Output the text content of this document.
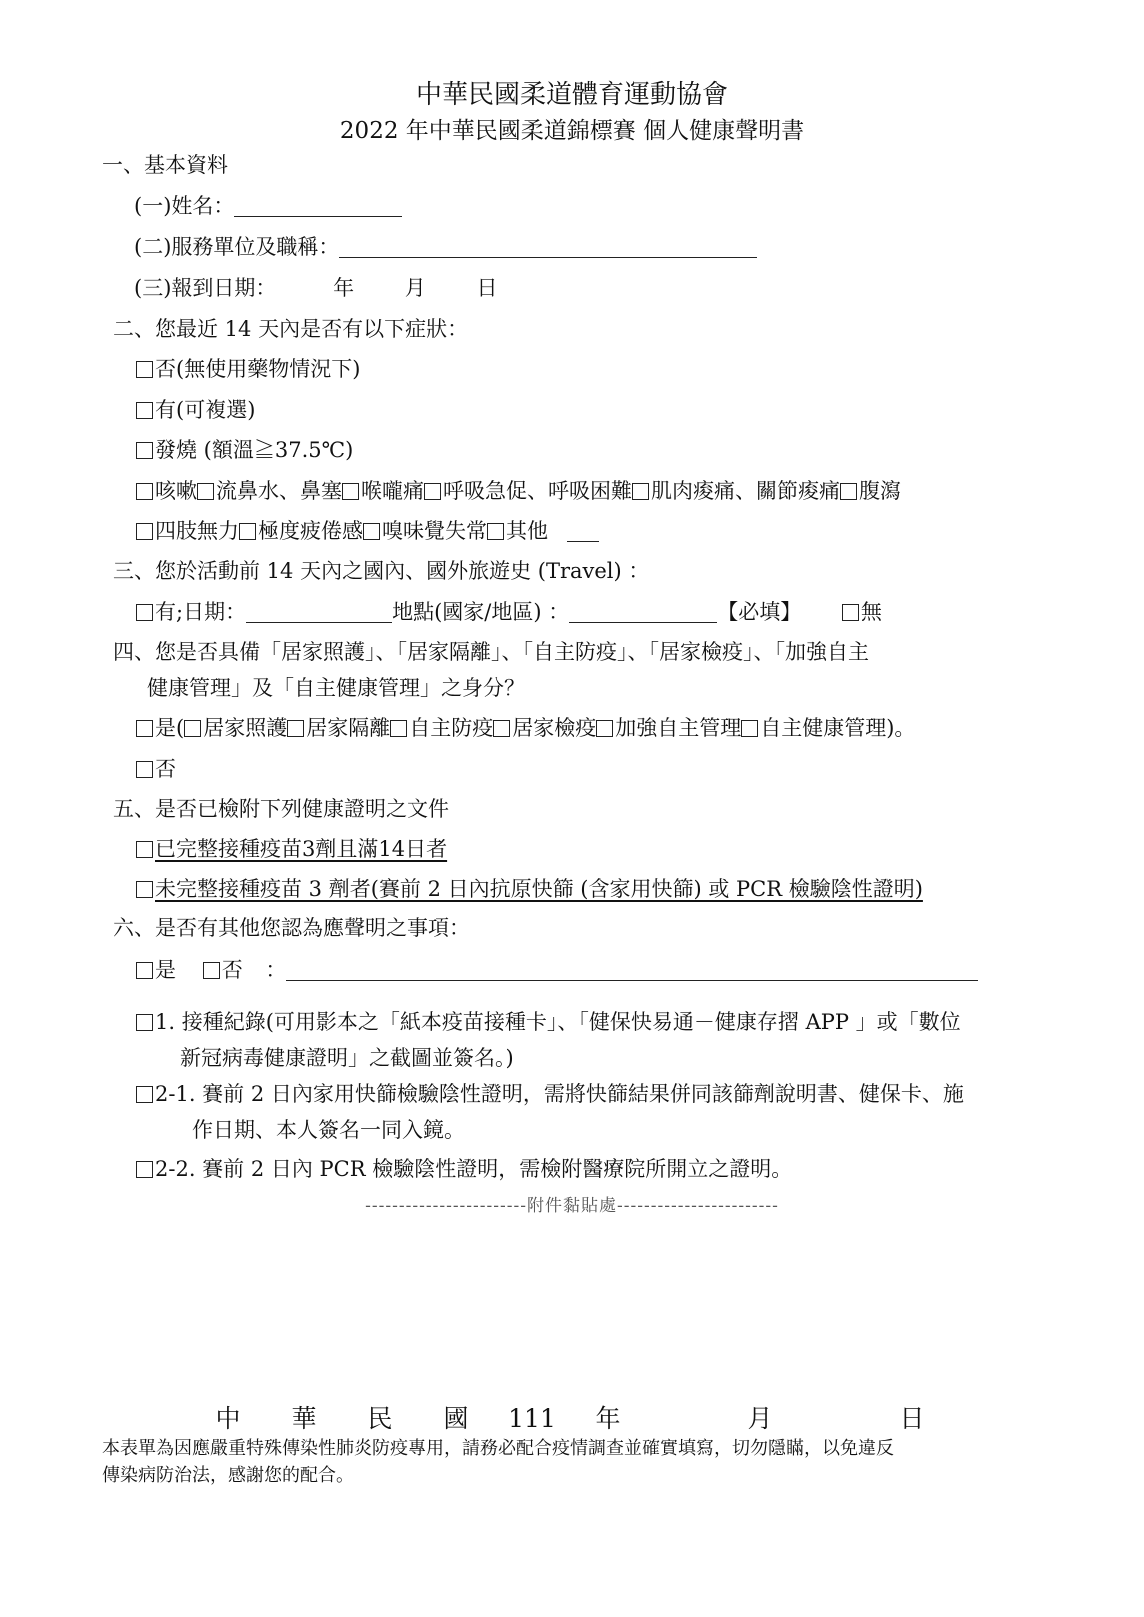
中華民國柔道體育運動協會
2022 年中華民國柔道錦標賽 個人健康聲明書
一、基本資料
(一)姓名：
(二)服務單位及職稱：
(三)報到日期：	年 月 日
二、您最近 14 天內是否有以下症狀：
否(無使用藥物情況下)
有(可複選)
發燒 (額溫≧37.5℃)
咳嗽 流鼻水、鼻塞 喉嚨痛 呼吸急促、呼吸困難 肌肉痠痛、關節痠痛 腹瀉
四肢無力 極度疲倦感 嗅味覺失常 其他
三、您於活動前 14 天內之國內、國外旅遊史 (Travel) ：
有;日期：	地點(國家/地區) ：	【必填】	無
四、您是否具備「居家照護」、「居家隔離」、「自主防疫」、「居家檢疫」、「加強自主
健康管理」及「自主健康管理」之身分？
是( 居家照護 居家隔離 自主防疫 居家檢疫 加強自主管理 自主健康管理)。
否
五、是否已檢附下列健康證明之文件
已完整接種疫苗3劑且滿14日者
未完整接種疫苗 3 劑者(賽前 2 日內抗原快篩 (含家用快篩) 或 PCR 檢驗陰性證明)
六、是否有其他您認為應聲明之事項：
是 否 ：
1. 接種紀錄(可用影本之「紙本疫苗接種卡」、「健保快易通－健康存摺 APP 」或「數位
新冠病毒健康證明」之截圖並簽名。)
2-1. 賽前 2 日內家用快篩檢驗陰性證明，需將快篩結果併同該篩劑說明書、健保卡、施
作日期、本人簽名一同入鏡。
2-2. 賽前 2 日內 PCR 檢驗陰性證明，需檢附醫療院所開立之證明。
------------------------附件黏貼處------------------------
中 華 民 國 111 年	月	日
本表單為因應嚴重特殊傳染性肺炎防疫專用，請務必配合疫情調查並確實填寫，切勿隱瞞，以免違反
傳染病防治法，感謝您的配合。
